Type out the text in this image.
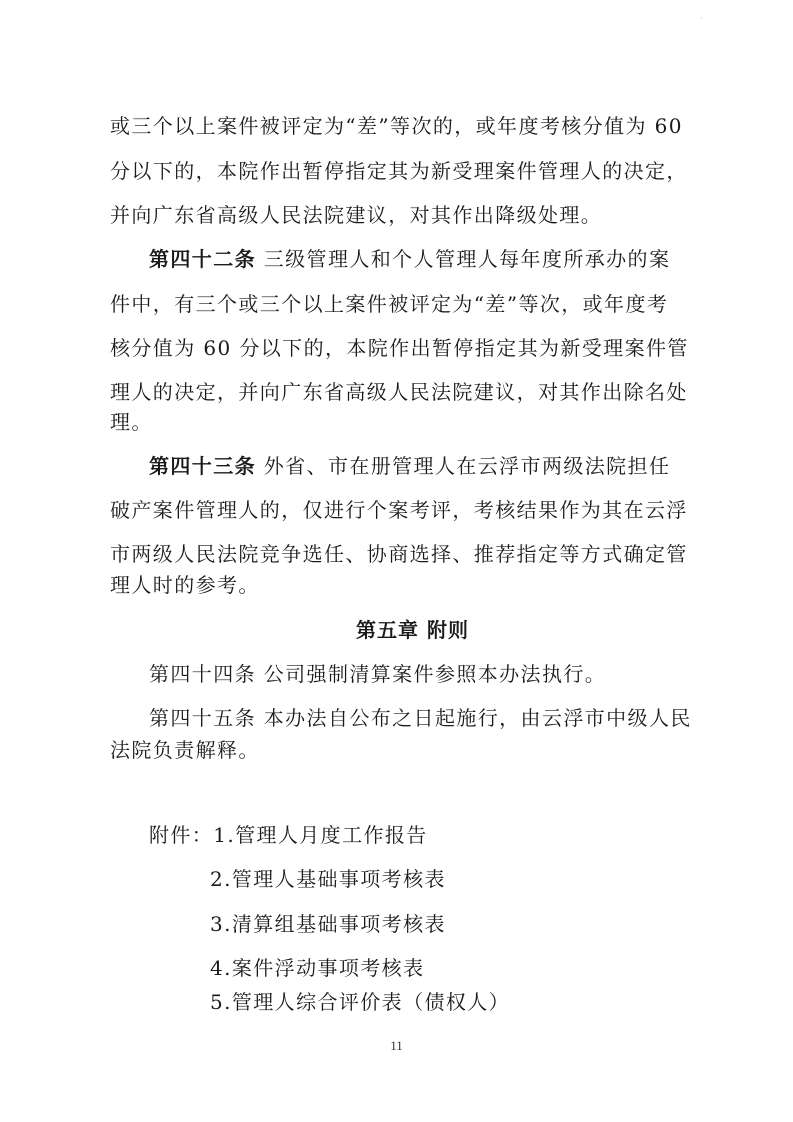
·
或三个以上案件被评定为“差”等次的，或年度考核分值为 60
分以下的，本院作出暂停指定其为新受理案件管理人的决定，
并向广东省高级人民法院建议，对其作出降级处理。
第四十二条 三级管理人和个人管理人每年度所承办的案
件中，有三个或三个以上案件被评定为“差”等次，或年度考
核分值为 60 分以下的，本院作出暂停指定其为新受理案件管
理人的决定，并向广东省高级人民法院建议，对其作出除名处
理。
第四十三条 外省、市在册管理人在云浮市两级法院担任
破产案件管理人的，仅进行个案考评，考核结果作为其在云浮
市两级人民法院竞争选任、协商选择、推荐指定等方式确定管
理人时的参考。
第五章 附则
第四十四条 公司强制清算案件参照本办法执行。
第四十五条 本办法自公布之日起施行，由云浮市中级人民
法院负责解释。
附件：1.管理人月度工作报告
2.管理人基础事项考核表
3.清算组基础事项考核表
4.案件浮动事项考核表
5.管理人综合评价表（债权人）
11
